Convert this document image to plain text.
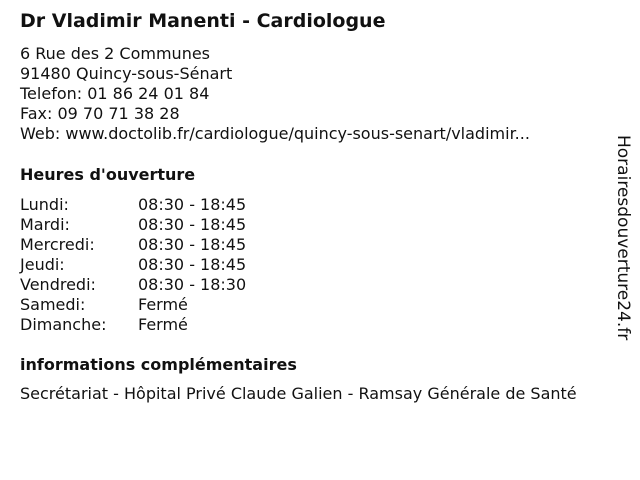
Dr Vladimir Manenti - Cardiologue
6 Rue des 2 Communes
91480 Quincy-sous-Sénart
Telefon: 01 86 24 01 84
Fax: 09 70 71 38 28
Web: www.doctolib.fr/cardiologue/quincy-sous-senart/vladimir...
Heures d'ouverture
Lundi:	08:30 - 18:45
Mardi:	08:30 - 18:45
Mercredi:	08:30 - 18:45
Jeudi:	08:30 - 18:45
Vendredi:	08:30 - 18:30
Samedi:	Fermé
Dimanche:	Fermé
informations complémentaires
Secrétariat - Hôpital Privé Claude Galien - Ramsay Générale de Santé
Horairesdouverture24.fr
